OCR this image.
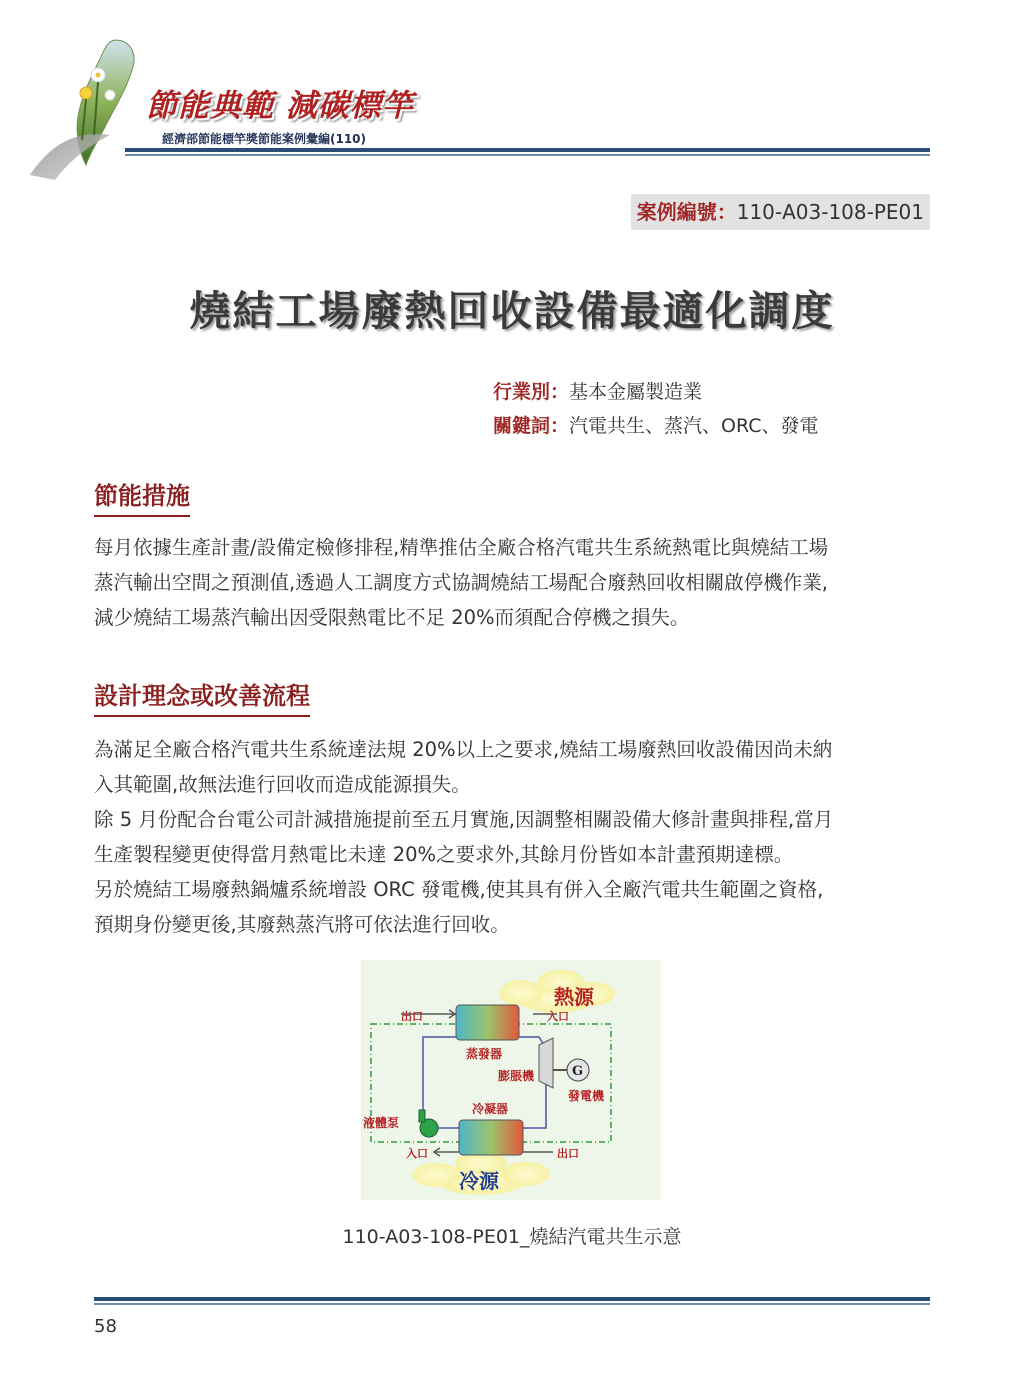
節能典範 減碳標竿
經濟部節能標竿獎節能案例彙編(110)
案例編號：110-A03-108-PE01
燒結工場廢熱回收設備最適化調度
行業別：基本金屬製造業
關鍵詞：汽電共生、蒸汽、ORC、發電
節能措施
每月依據生產計畫/設備定檢修排程,精準推估全廠合格汽電共生系統熱電比與燒結工場
蒸汽輸出空間之預測值,透過人工調度方式協調燒結工場配合廢熱回收相關啟停機作業,
減少燒結工場蒸汽輸出因受限熱電比不足 20%而須配合停機之損失。
設計理念或改善流程
為滿足全廠合格汽電共生系統達法規 20%以上之要求,燒結工場廢熱回收設備因尚未納
入其範圍,故無法進行回收而造成能源損失。
除 5 月份配合台電公司計減措施提前至五月實施,因調整相關設備大修計畫與排程,當月
生產製程變更使得當月熱電比未達 20%之要求外,其餘月份皆如本計畫預期達標。
另於燒結工場廢熱鍋爐系統增設 ORC 發電機,使其具有併入全廠汽電共生範圍之資格,
預期身份變更後,其廢熱蒸汽將可依法進行回收。
熱源
冷源
蒸發器
膨脹機	G
發電機
冷凝器
液體泵
出口	入口
入口	出口
110-A03-108-PE01_燒結汽電共生示意
58
